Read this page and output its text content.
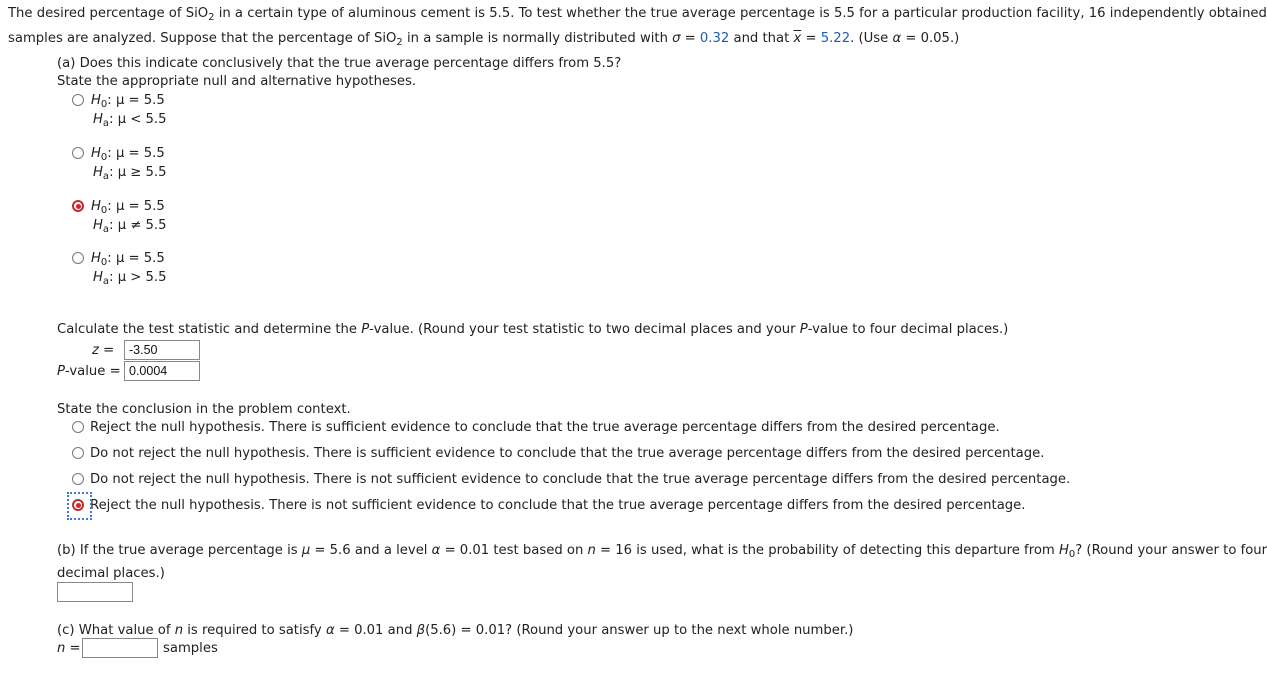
The desired percentage of SiO$_2$ in a certain type of aluminous cement is 5.5. To test whether the true average percentage is 5.5 for a particular production facility, 16 independently obtained
samples are analyzed. Suppose that the percentage of SiO$_2$ in a sample is normally distributed with σ = 0.32 and that $\overline{x} = 5.22$. (Use α = 0.05.)
(a) Does this indicate conclusively that the true average percentage differs from 5.5?
State the appropriate null and alternative hypotheses.
$H_0$: μ = 5.5
$H_a$: μ < 5.5
$H_0$: μ = 5.5
$H_a$: μ ≥ 5.5
$H_0$: μ = 5.5
$H_a$: μ ≠ 5.5
$H_0$: μ = 5.5
$H_a$: μ > 5.5
Calculate the test statistic and determine the P-value. (Round your test statistic to two decimal places and your P-value to four decimal places.)
z =	-3.50
P-value = 0.0004
State the conclusion in the problem context.
Reject the null hypothesis. There is sufficient evidence to conclude that the true average percentage differs from the desired percentage.
Do not reject the null hypothesis. There is sufficient evidence to conclude that the true average percentage differs from the desired percentage.
Do not reject the null hypothesis. There is not sufficient evidence to conclude that the true average percentage differs from the desired percentage.
Reject the null hypothesis. There is not sufficient evidence to conclude that the true average percentage differs from the desired percentage.
(b) If the true average percentage is μ = 5.6 and a level α = 0.01 test based on n = 16 is used, what is the probability of detecting this departure from $H_0$? (Round your answer to four
decimal places.)
(c) What value of n is required to satisfy α = 0.01 and β(5.6) = 0.01? (Round your answer up to the next whole number.)
n =	samples
